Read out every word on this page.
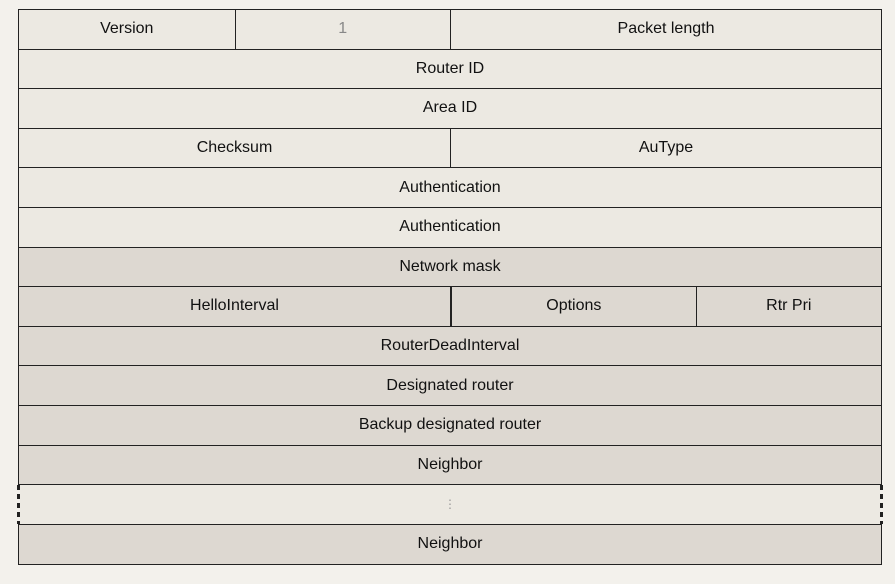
Version	1	Packet length
Router ID
Area ID
Checksum	AuType
Authentication
Authentication
Network mask
HelloInterval	Options	Rtr Pri
RouterDeadInterval
Designated router
Backup designated router
Neighbor
⋮
Neighbor
